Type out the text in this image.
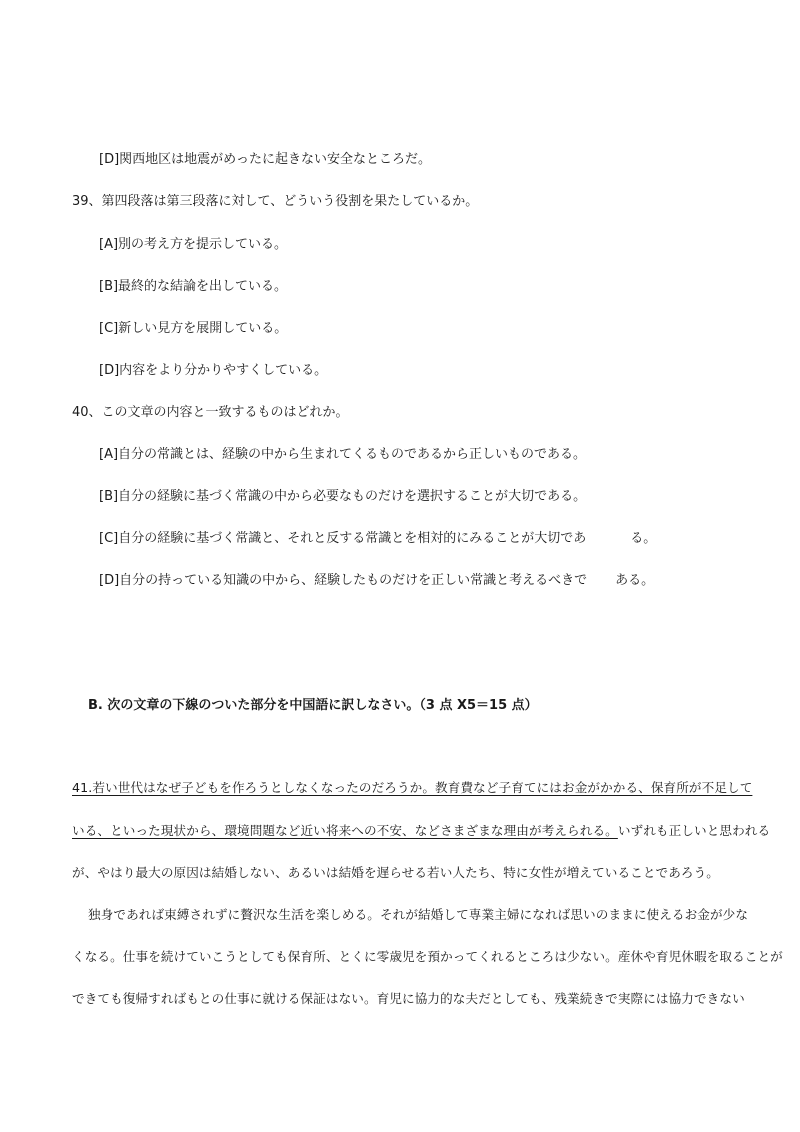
[D]関西地区は地震がめったに起きない安全なところだ。
39、第四段落は第三段落に対して、どういう役割を果たしているか。
[A]別の考え方を提示している。
[B]最終的な結論を出している。
[C]新しい見方を展開している。
[D]内容をより分かりやすくしている。
40、この文章の内容と一致するものはどれか。
[A]自分の常識とは、経験の中から生まれてくるものであるから正しいものである。
[B]自分の経験に基づく常識の中から必要なものだけを選択することが大切である。
[C]自分の経験に基づく常識と、それと反する常識とを相対的にみることが大切であ	る。
[D]自分の持っている知識の中から、経験したものだけを正しい常識と考えるべきで ある。
B. 次の文章の下線のついた部分を中国語に訳しなさい。（3 点 X5＝15 点）
41.若い世代はなぜ子どもを作ろうとしなくなったのだろうか。教育費など子育てにはお金がかかる、保育所が不足して
いる、といった現状から、環境問題など近い将来への不安、などさまざまな理由が考えられる。いずれも正しいと思われる
が、やはり最大の原因は結婚しない、あるいは結婚を遅らせる若い人たち、特に女性が増えていることであろう。
独身であれば束縛されずに贅沢な生活を楽しめる。それが結婚して専業主婦になれば思いのままに使えるお金が少な
くなる。仕事を続けていこうとしても保育所、とくに零歳児を預かってくれるところは少ない。産休や育児休暇を取ることが
できても復帰すればもとの仕事に就ける保証はない。育児に協力的な夫だとしても、残業続きで実際には協力できない
